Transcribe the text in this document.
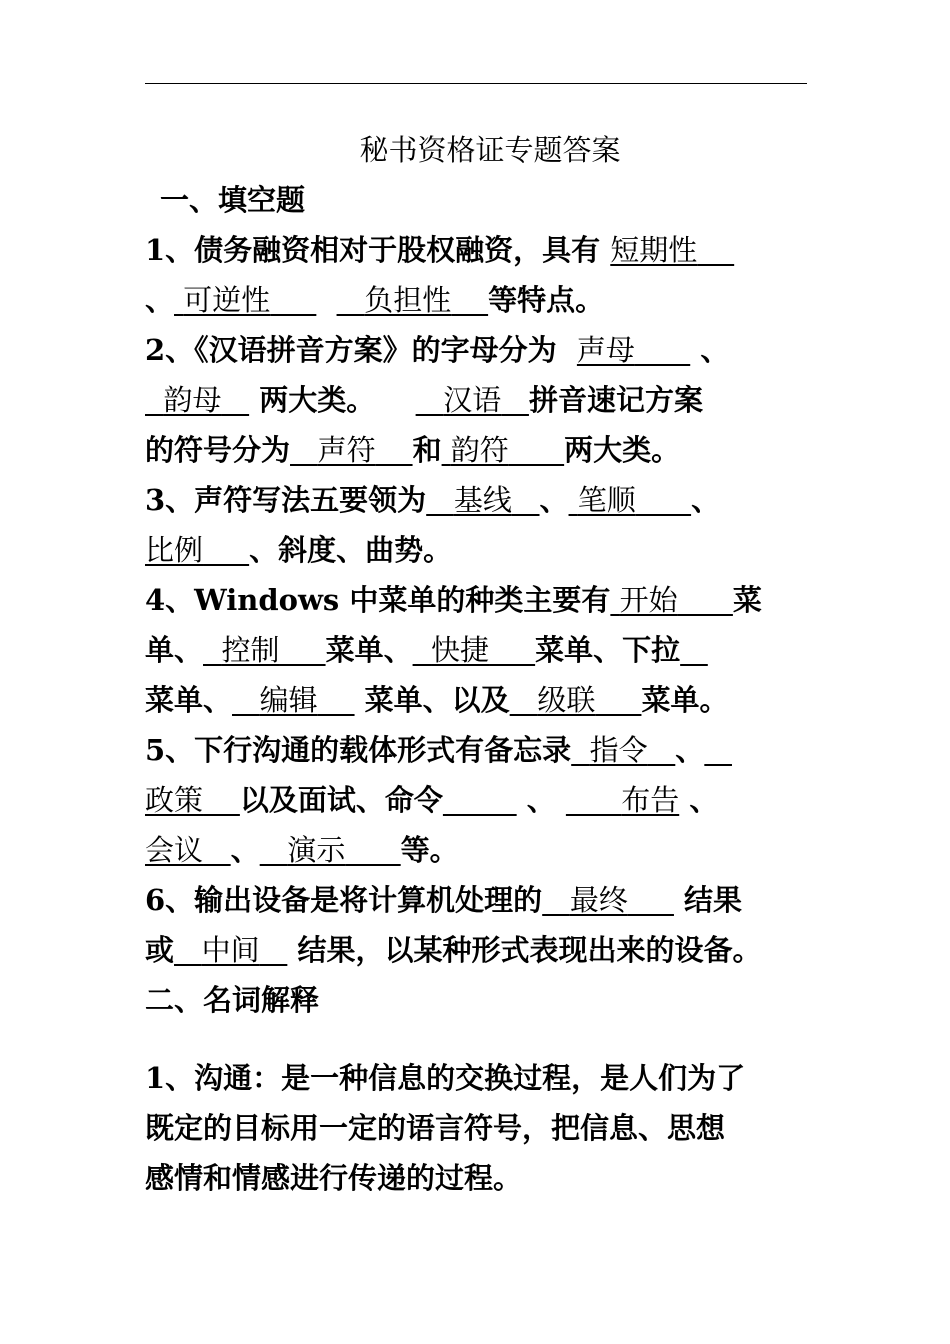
秘书资格证专题答案
一、填空题
1、债务融资相对于股权融资，具有 短期性
、 可逆性	负担性 等特点。
2、《汉语拼音方案》的字母分为  声母 、
韵母    两大类。 汉语 拼音速记方案
的符号分为 声符 和 韵符 两大类。
3、声符写法五要领为 基线 、 笔顺 、
比例 、斜度、曲势。
4、Windows 中菜单的种类主要有 开始 菜
单、 控制 菜单、 快捷 菜单、下拉
菜单、 编辑     菜单、以及 级联 菜单。
5、下行沟通的载体形式有备忘录 指令 、
政策 以及面试、命令	、 布告 、
会议 、 演示 等。
6、输出设备是将计算机处理的 最终      结果
或 中间    结果，以某种形式表现出来的设备。
二、名词解释
1、沟通：是一种信息的交换过程，是人们为了
既定的目标用一定的语言符号，把信息、思想
感情和情感进行传递的过程。
